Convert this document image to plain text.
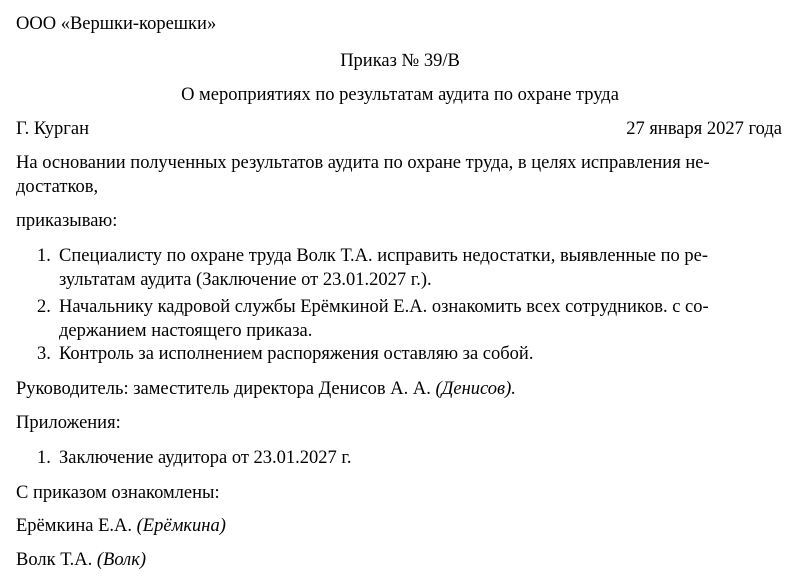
ООО «Вершки-корешки»
Приказ № 39/В
О мероприятиях по результатам аудита по охране труда
Г. Курган	27 января 2027 года
На основании полученных результатов аудита по охране труда, в целях исправления не-
достатков,
приказываю:
1. Специалисту по охране труда Волк Т.А. исправить недостатки, выявленные по ре-
зультатам аудита (Заключение от 23.01.2027 г.).
2. Начальнику кадровой службы Ерёмкиной Е.А. ознакомить всех сотрудников. с со-
держанием настоящего приказа.
3. Контроль за исполнением распоряжения оставляю за собой.
Руководитель: заместитель директора Денисов А. А. (Денисов).
Приложения:
1. Заключение аудитора от 23.01.2027 г.
С приказом ознакомлены:
Ерёмкина Е.А. (Ерёмкина)
Волк Т.А. (Волк)
